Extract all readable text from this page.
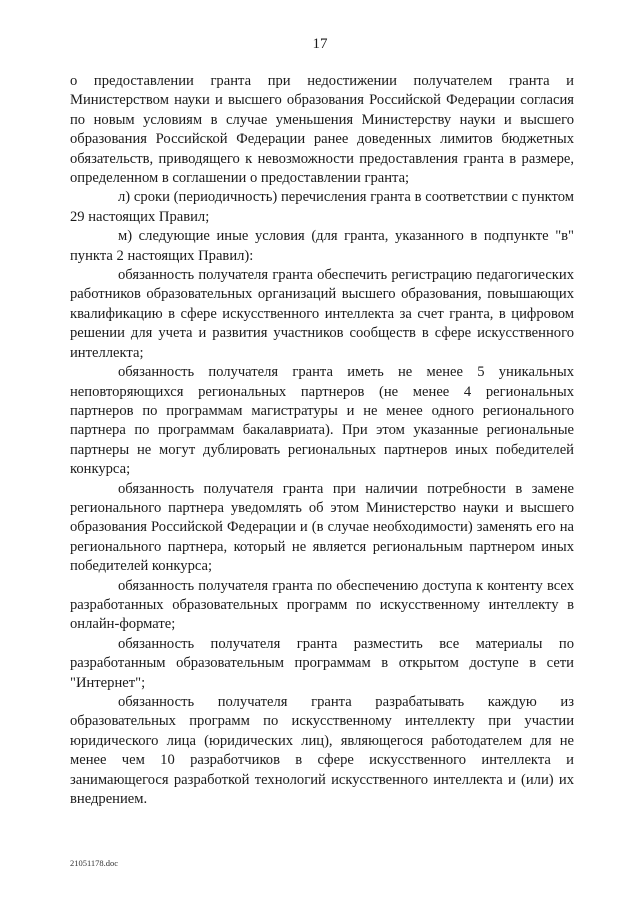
17

о предоставлении гранта при недостижении получателем гранта и Министерством науки и высшего образования Российской Федерации согласия по новым условиям в случае уменьшения Министерству науки и высшего образования Российской Федерации ранее доведенных лимитов бюджетных обязательств, приводящего к невозможности предоставления гранта в размере, определенном в соглашении о предоставлении гранта;

л) сроки (периодичность) перечисления гранта в соответствии с пунктом 29 настоящих Правил;

м) следующие иные условия (для гранта, указанного в подпункте "в" пункта 2 настоящих Правил):

обязанность получателя гранта обеспечить регистрацию педагогических работников образовательных организаций высшего образования, повышающих квалификацию в сфере искусственного интеллекта за счет гранта, в цифровом решении для учета и развития участников сообществ в сфере искусственного интеллекта;

обязанность получателя гранта иметь не менее 5 уникальных неповторяющихся региональных партнеров (не менее 4 региональных партнеров по программам магистратуры и не менее одного регионального партнера по программам бакалавриата). При этом указанные региональные партнеры не могут дублировать региональных партнеров иных победителей конкурса;

обязанность получателя гранта при наличии потребности в замене регионального партнера уведомлять об этом Министерство науки и высшего образования Российской Федерации и (в случае необходимости) заменять его на регионального партнера, который не является региональным партнером иных победителей конкурса;

обязанность получателя гранта по обеспечению доступа к контенту всех разработанных образовательных программ по искусственному интеллекту в онлайн-формате;

обязанность получателя гранта разместить все материалы по разработанным образовательным программам в открытом доступе в сети "Интернет";

обязанность получателя гранта разрабатывать каждую из образовательных программ по искусственному интеллекту при участии юридического лица (юридических лиц), являющегося работодателем для не менее чем 10 разработчиков в сфере искусственного интеллекта и занимающегося разработкой технологий искусственного интеллекта и (или) их внедрением.

21051178.doc
